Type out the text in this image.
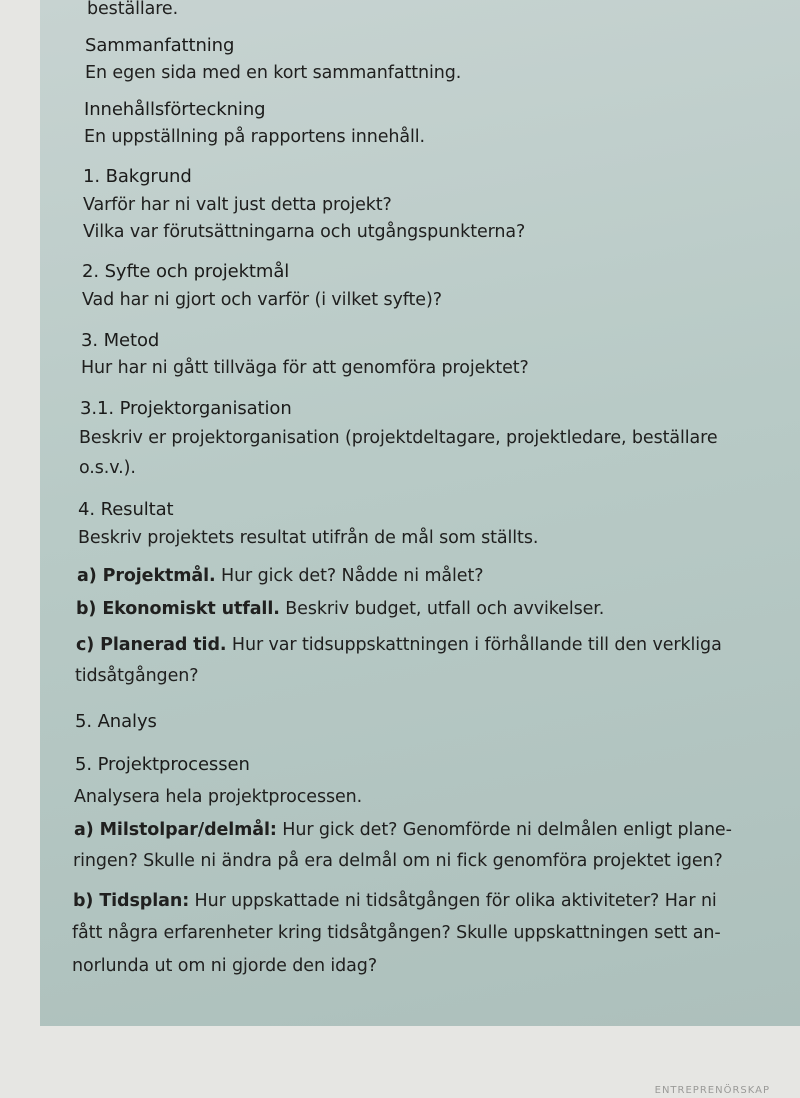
beställare.
Sammanfattning
En egen sida med en kort sammanfattning.
Innehållsförteckning
En uppställning på rapportens innehåll.
1. Bakgrund
Varför har ni valt just detta projekt?
Vilka var förutsättningarna och utgångspunkterna?
2. Syfte och projektmål
Vad har ni gjort och varför (i vilket syfte)?
3. Metod
Hur har ni gått tillväga för att genomföra projektet?
3.1. Projektorganisation
Beskriv er projektorganisation (projektdeltagare, projektledare, beställare
o.s.v.).
4. Resultat
Beskriv projektets resultat utifrån de mål som ställts.
a) Projektmål. Hur gick det? Nådde ni målet?
b) Ekonomiskt utfall. Beskriv budget, utfall och avvikelser.
c) Planerad tid. Hur var tidsuppskattningen i förhållande till den verkliga
tidsåtgången?
5. Analys
5. Projektprocessen
Analysera hela projektprocessen.
a) Milstolpar/delmål: Hur gick det? Genomförde ni delmålen enligt plane-
ringen? Skulle ni ändra på era delmål om ni fick genomföra projektet igen?
b) Tidsplan: Hur uppskattade ni tidsåtgången för olika aktiviteter? Har ni
fått några erfarenheter kring tidsåtgången? Skulle uppskattningen sett an-
norlunda ut om ni gjorde den idag?
ENTREPRENÖRSKAP
